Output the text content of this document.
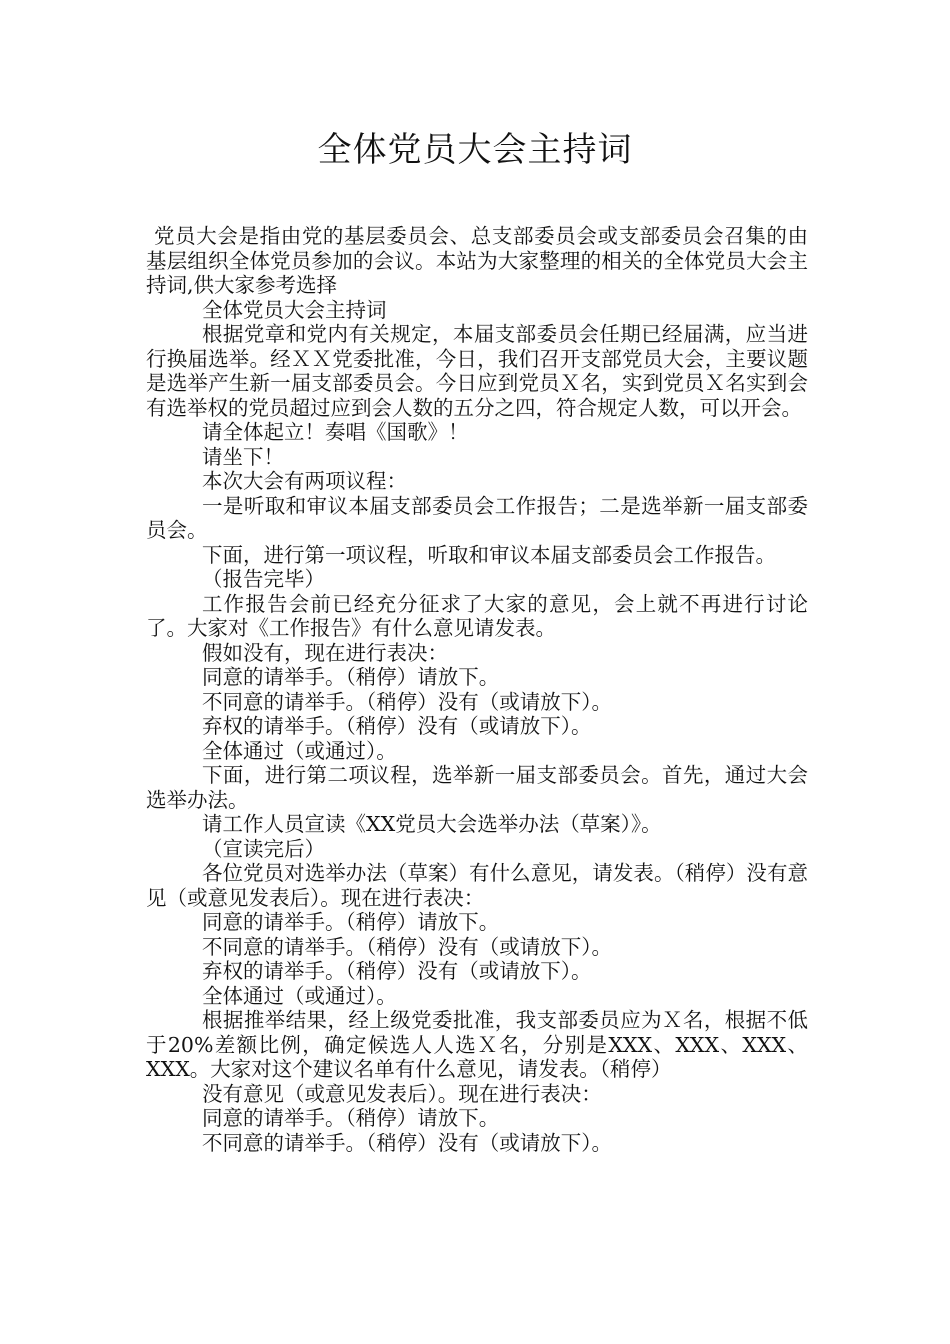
全体党员大会主持词

党员大会是指由党的基层委员会、总支部委员会或支部委员会召集的由基层组织全体党员参加的会议。本站为大家整理的相关的全体党员大会主持词,供大家参考选择

全体党员大会主持词

根据党章和党内有关规定，本届支部委员会任期已经届满，应当进行换届选举。经ＸＸ党委批准，今日，我们召开支部党员大会，主要议题是选举产生新一届支部委员会。今日应到党员Ｘ名，实到党员Ｘ名实到会有选举权的党员超过应到会人数的五分之四，符合规定人数，可以开会。

请全体起立！奏唱《国歌》！

请坐下！

本次大会有两项议程：

一是听取和审议本届支部委员会工作报告；二是选举新一届支部委员会。

下面，进行第一项议程，听取和审议本届支部委员会工作报告。

（报告完毕）

工作报告会前已经充分征求了大家的意见，会上就不再进行讨论了。大家对《工作报告》有什么意见请发表。

假如没有，现在进行表决：

同意的请举手。（稍停）请放下。

不同意的请举手。（稍停）没有（或请放下）。

弃权的请举手。（稍停）没有（或请放下）。

全体通过（或通过）。

下面，进行第二项议程，选举新一届支部委员会。首先，通过大会选举办法。

请工作人员宣读《XX党员大会选举办法（草案）》。

（宣读完后）

各位党员对选举办法（草案）有什么意见，请发表。（稍停）没有意见（或意见发表后）。现在进行表决：

同意的请举手。（稍停）请放下。

不同意的请举手。（稍停）没有（或请放下）。

弃权的请举手。（稍停）没有（或请放下）。

全体通过（或通过）。

根据推举结果，经上级党委批准，我支部委员应为Ｘ名，根据不低于20%差额比例，确定候选人人选Ｘ名，分别是XXX、XXX、XXX、XXX。大家对这个建议名单有什么意见，请发表。（稍停）

没有意见（或意见发表后）。现在进行表决：

同意的请举手。（稍停）请放下。

不同意的请举手。（稍停）没有（或请放下）。
